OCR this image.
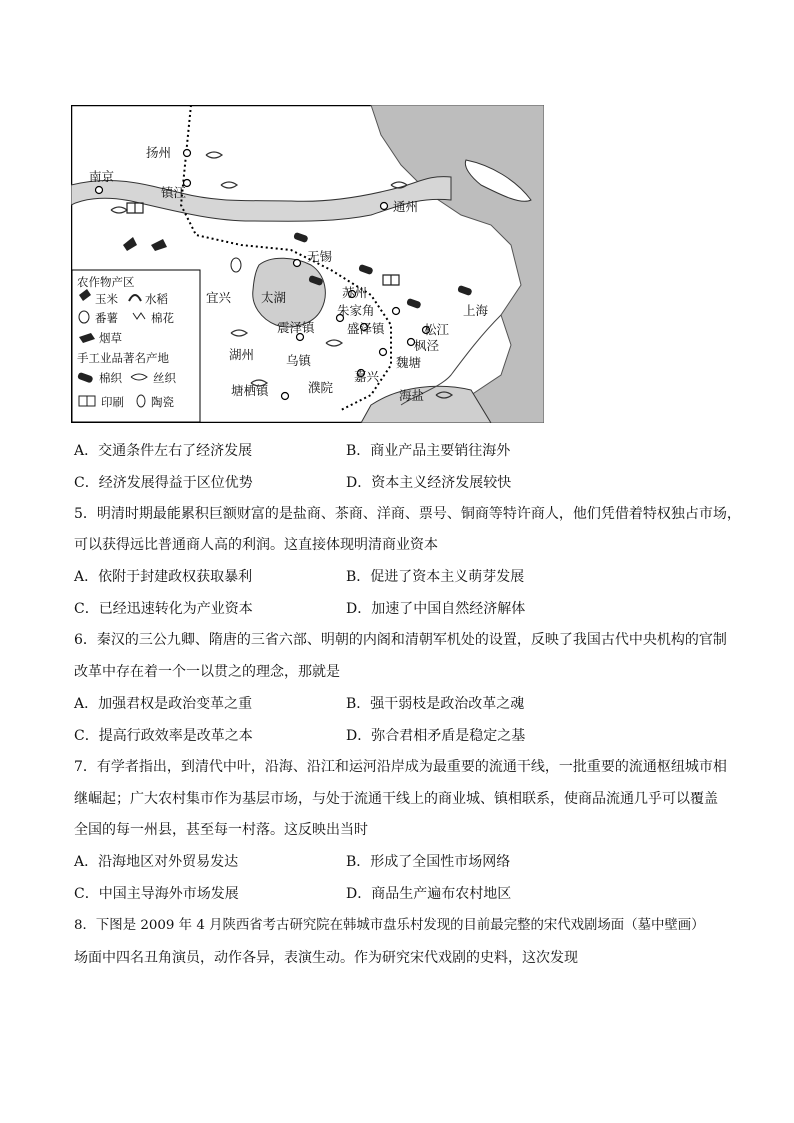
扬州
南京
镇江
通州
无锡
宜兴 太湖	苏州
上海
朱家角
震泽镇	盛泽镇	松江
枫泾
湖州	乌镇	魏塘
嘉兴
塘栖镇	濮院
海盐
农作物产区
玉米 水稻
番薯	棉花
烟草
手工业品著名产地
棉织	丝织
印刷 陶瓷
A．交通条件左右了经济发展	B．商业产品主要销往海外
C．经济发展得益于区位优势	D．资本主义经济发展较快
5．明清时期最能累积巨额财富的是盐商、茶商、洋商、票号、铜商等特许商人，他们凭借着特权独占市场，
可以获得远比普通商人高的利润。这直接体现明清商业资本
A．依附于封建政权获取暴利	B．促进了资本主义萌芽发展
C．已经迅速转化为产业资本	D．加速了中国自然经济解体
6．秦汉的三公九卿、隋唐的三省六部、明朝的内阁和清朝军机处的设置，反映了我国古代中央机构的官制
改革中存在着一个一以贯之的理念，那就是
A．加强君权是政治变革之重	B．强干弱枝是政治改革之魂
C．提高行政效率是改革之本	D．弥合君相矛盾是稳定之基
7．有学者指出，到清代中叶，沿海、沿江和运河沿岸成为最重要的流通干线，一批重要的流通枢纽城市相
继崛起；广大农村集市作为基层市场，与处于流通干线上的商业城、镇相联系，使商品流通几乎可以覆盖
全国的每一州县，甚至每一村落。这反映出当时
A．沿海地区对外贸易发达	B．形成了全国性市场网络
C．中国主导海外市场发展	D．商品生产遍布农村地区
8．下图是 2009 年 4 月陕西省考古研究院在韩城市盘乐村发现的目前最完整的宋代戏剧场面（墓中壁画）
场面中四名丑角演员，动作各异，表演生动。作为研究宋代戏剧的史料，这次发现
